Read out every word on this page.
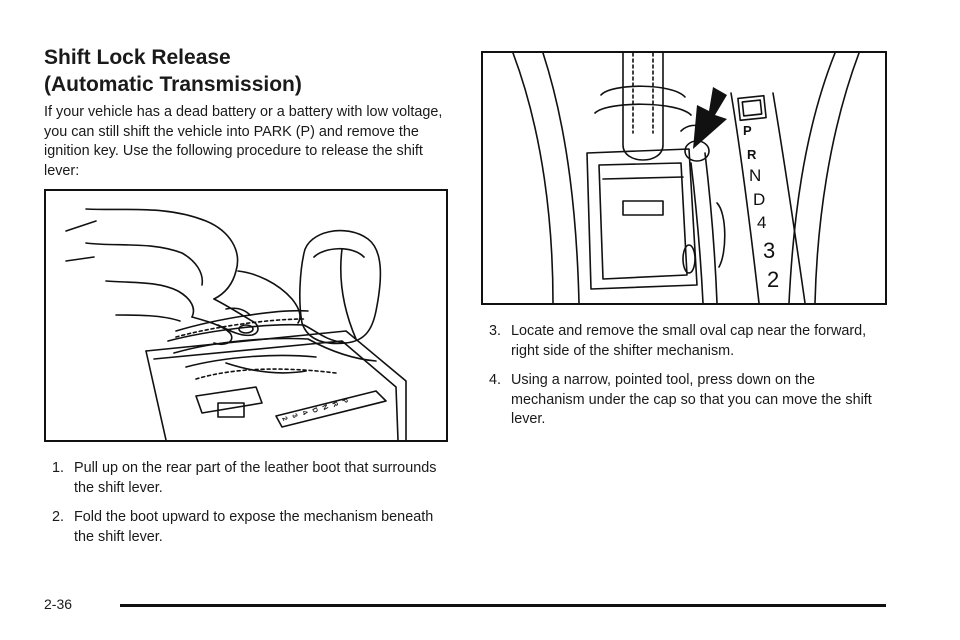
Shift Lock Release
(Automatic Transmission)

If your vehicle has a dead battery or a battery with low voltage, you can still shift the vehicle into PARK (P) and remove the ignition key. Use the following procedure to release the shift lever:

P
R
N
D
4
3
2
P
R
N
D
4
3
2
1. Pull up on the rear part of the leather boot that surrounds the shift lever.
2. Fold the boot upward to expose the mechanism beneath the shift lever.
3. Locate and remove the small oval cap near the forward, right side of the shifter mechanism.
4. Using a narrow, pointed tool, press down on the mechanism under the cap so that you can move the shift lever.
2-36
